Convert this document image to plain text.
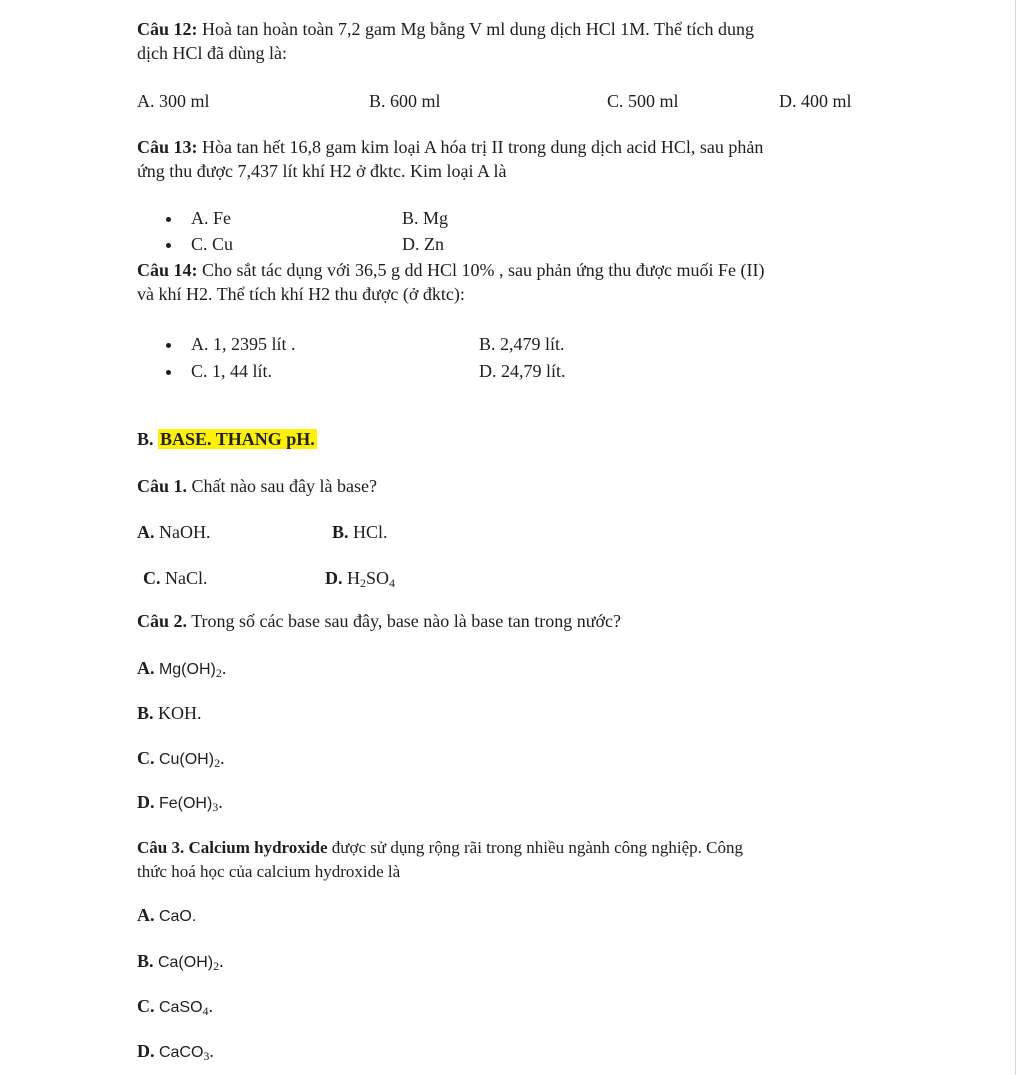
Câu 12: Hoà tan hoàn toàn 7,2 gam Mg bằng V ml dung dịch HCl 1M. Thể tích dung
dịch HCl đã dùng là:
A. 300 ml	B. 600 ml	C. 500 ml	D. 400 ml
Câu 13: Hòa tan hết 16,8 gam kim loại A hóa trị II trong dung dịch acid HCl, sau phản
ứng thu được 7,437 lít khí H2 ở đktc. Kim loại A là
A. Fe	B. Mg
C. Cu	D. Zn
Câu 14: Cho sắt tác dụng với 36,5 g dd HCl 10% , sau phản ứng thu được muối Fe (II)
và khí H2. Thể tích khí H2 thu được (ở đktc):
A. 1, 2395 lít .	B. 2,479 lít.
C. 1, 44 lít.	D. 24,79 lít.
B. BASE. THANG pH.
Câu 1. Chất nào sau đây là base?
A. NaOH.	B. HCl.
C. NaCl.	D. $H_2SO_4$
Câu 2. Trong số các base sau đây, base nào là base tan trong nước?
A. $Mg(OH)_2$.
B. KOH.
C. $Cu(OH)_2$.
D. $Fe(OH)_3$.
Câu 3. Calcium hydroxide được sử dụng rộng rãi trong nhiều ngành công nghiệp. Công
thức hoá học của calcium hydroxide là
A. CaO.
B. $Ca(OH)_2$.
C. CaSO$_4$.
D. CaCO$_3$.
